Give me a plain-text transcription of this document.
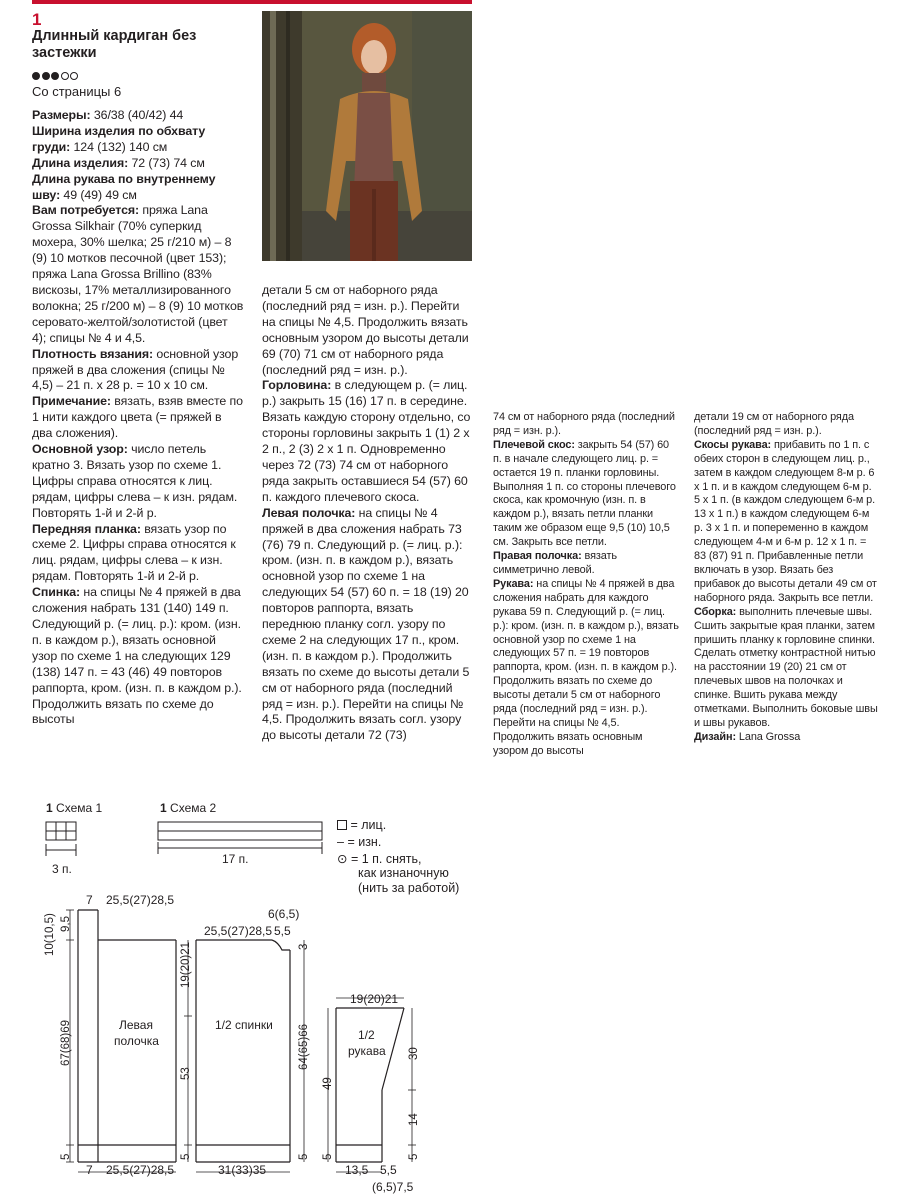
1
Длинный кардиган без застежки
Со страницы 6

Размеры: 36/38 (40/42) 44

Ширина изделия по обхвату груди: 124 (132) 140 см

Длина изделия: 72 (73) 74 см

Длина рукава по внутреннему шву: 49 (49) 49 см

Вам потребуется: пряжа Lana Grossa Silkhair (70% суперкид мохера, 30% шелка; 25 г/210 м) – 8 (9) 10 мотков песочной (цвет 153); пряжа Lana Grossa Brillino (83% вискозы, 17% металлизированного волокна; 25 г/200 м) – 8 (9) 10 мотков серовато-желтой/золотистой (цвет 4); спицы № 4 и 4,5.

Плотность вязания: основной узор пряжей в два сложения (спицы № 4,5) – 21 п. х 28 р. = 10 х 10 см.

Примечание: вязать, взяв вместе по 1 нити каждого цвета (= пряжей в два сложения).

Основной узор: число петель кратно 3. Вязать узор по схеме 1. Цифры справа относятся к лиц. рядам, цифры слева – к изн. рядам. Повторять 1-й и 2-й р.

Передняя планка: вязать узор по схеме 2. Цифры справа относятся к лиц. рядам, цифры слева – к изн. рядам. Повторять 1-й и 2-й р.

Спинка: на спицы № 4 пряжей в два сложения набрать 131 (140) 149 п. Следующий р. (= лиц. р.): кром. (изн. п. в каждом р.), вязать основной узор по схеме 1 на следующих 129 (138) 147 п. = 43 (46) 49 повторов раппорта, кром. (изн. п. в каждом р.). Продолжить вязать по схеме до высоты

детали 5 см от наборного ряда (последний ряд = изн. р.). Перейти на спицы № 4,5. Продолжить вязать основным узором до высоты детали 69 (70) 71 см от наборного ряда (последний ряд = изн. р.).

Горловина: в следующем р. (= лиц. р.) закрыть 15 (16) 17 п. в середине. Вязать каждую сторону отдельно, со стороны горловины закрыть 1 (1) 2 х 2 п., 2 (3) 2 х 1 п. Одновременно через 72 (73) 74 см от наборного ряда закрыть оставшиеся 54 (57) 60 п. каждого плечевого скоса.

Левая полочка: на спицы № 4 пряжей в два сложения набрать 73 (76) 79 п. Следующий р. (= лиц. р.): кром. (изн. п. в каждом р.), вязать основной узор по схеме 1 на следующих 54 (57) 60 п. = 18 (19) 20 повторов раппорта, вязать переднюю планку согл. узору по схеме 2 на следующих 17 п., кром. (изн. п. в каждом р.). Продолжить вязать по схеме до высоты детали 5 см от наборного ряда (последний ряд = изн. р.). Перейти на спицы № 4,5. Продолжить вязать согл. узору до высоты детали 72 (73)

74 см от наборного ряда (последний ряд = изн. р.).

Плечевой скос: закрыть 54 (57) 60 п. в начале следующего лиц. р. = остается 19 п. планки горловины. Выполняя 1 п. со стороны плечевого скоса, как кромочную (изн. п. в каждом р.), вязать петли планки таким же образом еще 9,5 (10) 10,5 см. Закрыть все петли.

Правая полочка: вязать симметрично левой.

Рукава: на спицы № 4 пряжей в два сложения набрать для каждого рукава 59 п. Следующий р. (= лиц. р.): кром. (изн. п. в каждом р.), вязать основной узор по схеме 1 на следующих 57 п. = 19 повторов раппорта, кром. (изн. п. в каждом р.). Продолжить вязать по схеме до высоты детали 5 см от наборного ряда (последний ряд = изн. р.). Перейти на спицы № 4,5. Продолжить вязать основным узором до высоты

детали 19 см от наборного ряда (последний ряд = изн. р.).

Скосы рукава: прибавить по 1 п. с обеих сторон в следующем лиц. р., затем в каждом следующем 8-м р. 6 х 1 п. и в каждом следующем 6-м р. 5 х 1 п. (в каждом следующем 6-м р. 13 х 1 п.) в каждом следующем 6-м р. 3 х 1 п. и попеременно в каждом следующем 4-м и 6-м р. 12 х 1 п. = 83 (87) 91 п. Прибавленные петли включать в узор. Вязать без прибавок до высоты детали 49 см от наборного ряда. Закрыть все петли.

Сборка: выполнить плечевые швы. Сшить закрытые края планки, затем пришить планку к горловине спинки. Сделать отметку контрастной нитью на расстоянии 19 (20) 21 см от плечевых швов на полочках и спинке. Вшить рукава между отметками. Выполнить боковые швы и швы рукавов.

Дизайн: Lana Grossa

1 Схема 1	1 Схема 2
3 п.
17 п.
= лиц.
– = изн.
⊙ = 1 п. снять,
как изнаночную
(нить за работой)
Левая
полочка
1/2 спинки
1/2
рукава
7 25,5(27)28,5
6(6,5)
25,5(27)28,5 5,5
7 25,5(27)28,5	31(33)35
19(20)21
13,5 5,5
(6,5)7,5
10(10,5) 9,5
67(68)69
5
19(20)21
53
5
64(65)66
5
3
49
5
30
14
5
